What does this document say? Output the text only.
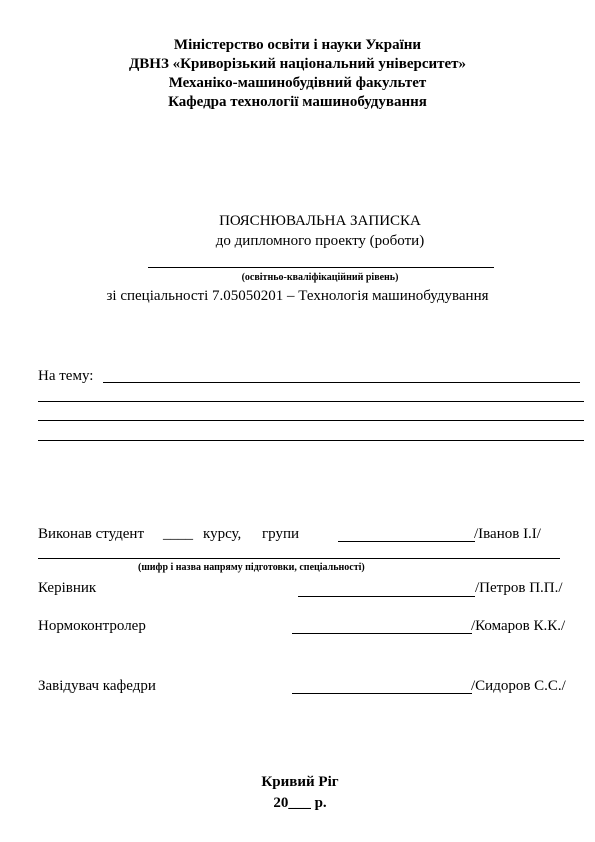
Міністерство освіти і науки України
ДВНЗ «Криворізький національний університет»
Механіко-машинобудівний факультет
Кафедра технології машинобудування
ПОЯСНЮВАЛЬНА ЗАПИСКА
до дипломного проекту (роботи)
(освітньо-кваліфікаційний рівень)
зі спеціальності 7.05050201 – Технологія машинобудування
На тему:
Виконав студент ____ курсу, групи	/Іванов І.І/
(шифр і назва напряму підготовки, спеціальності)
Керівник	/Петров П.П./
Нормоконтролер	/Комаров К.К./
Завідувач кафедри	/Сидоров С.С./
Кривий Ріг
20___ р.
